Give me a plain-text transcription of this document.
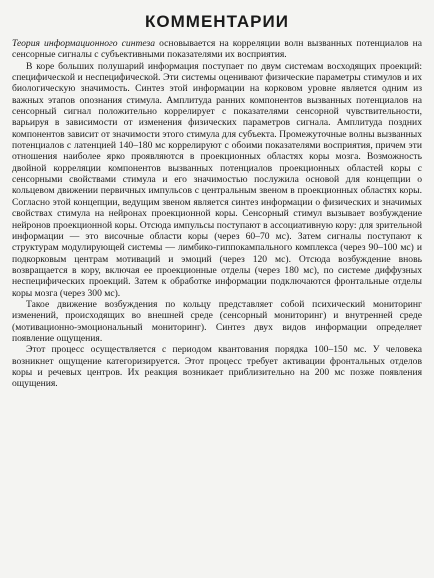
КОММЕНТАРИИ

Теория информационного синтеза основывается на корреляции волн вызванных потенциалов на сенсорные сигналы с субъективными показателями их восприятия.

В коре больших полушарий информация поступает по двум системам восходящих проекций: специфической и неспецифической. Эти системы оценивают физические параметры стимулов и их биологическую значимость. Синтез этой информации на корковом уровне является одним из важных этапов опознания стимула. Амплитуда ранних компонентов вызванных потенциалов на сенсорный сигнал положительно коррелирует с показателями сенсорной чувствительности, варьируя в зависимости от изменения физических параметров сигнала. Амплитуда поздних компонентов зависит от значимости этого стимула для субъекта. Промежуточные волны вызванных потенциалов с латенцией 140–180 мс коррелируют с обоими показателями восприятия, причем эти отношения наиболее ярко проявляются в проекционных областях коры мозга. Возможность двойной корреляции компонентов вызванных потенциалов проекционных областей коры с сенсорными свойствами стимула и его значимостью послужила основой для концепции о кольцевом движении первичных импульсов с центральным звеном в проекционных областях коры. Согласно этой концепции, ведущим звеном является синтез информации о физических и значимых свойствах стимула на нейронах проекционной коры. Сенсорный стимул вызывает возбуждение нейронов проекционной коры. Отсюда импульсы поступают в ассоциативную кору: для зрительной информации — это височные области коры (через 60–70 мс). Затем сигналы поступают к структурам модулирующей системы — лимбико-гиппокампального комплекса (через 90–100 мс) и подкорковым центрам мотиваций и эмоций (через 120 мс). Отсюда возбуждение вновь возвращается в кору, включая ее проекционные отделы (через 180 мс), по системе диффузных неспецифических проекций. Затем к обработке информации подключаются фронтальные отделы коры мозга (через 300 мс).

Такое движение возбуждения по кольцу представляет собой психический мониторинг изменений, происходящих во внешней среде (сенсорный мониторинг) и внутренней среде (мотивационно-эмоциональный мониторинг). Синтез двух видов информации определяет появление ощущения.

Этот процесс осуществляется с периодом квантования порядка 100–150 мс. У человека возникнет ощущение категоризируется. Этот процесс требует активации фронтальных отделов коры и речевых центров. Их реакция возникает приблизительно на 200 мс позже появления ощущения.
